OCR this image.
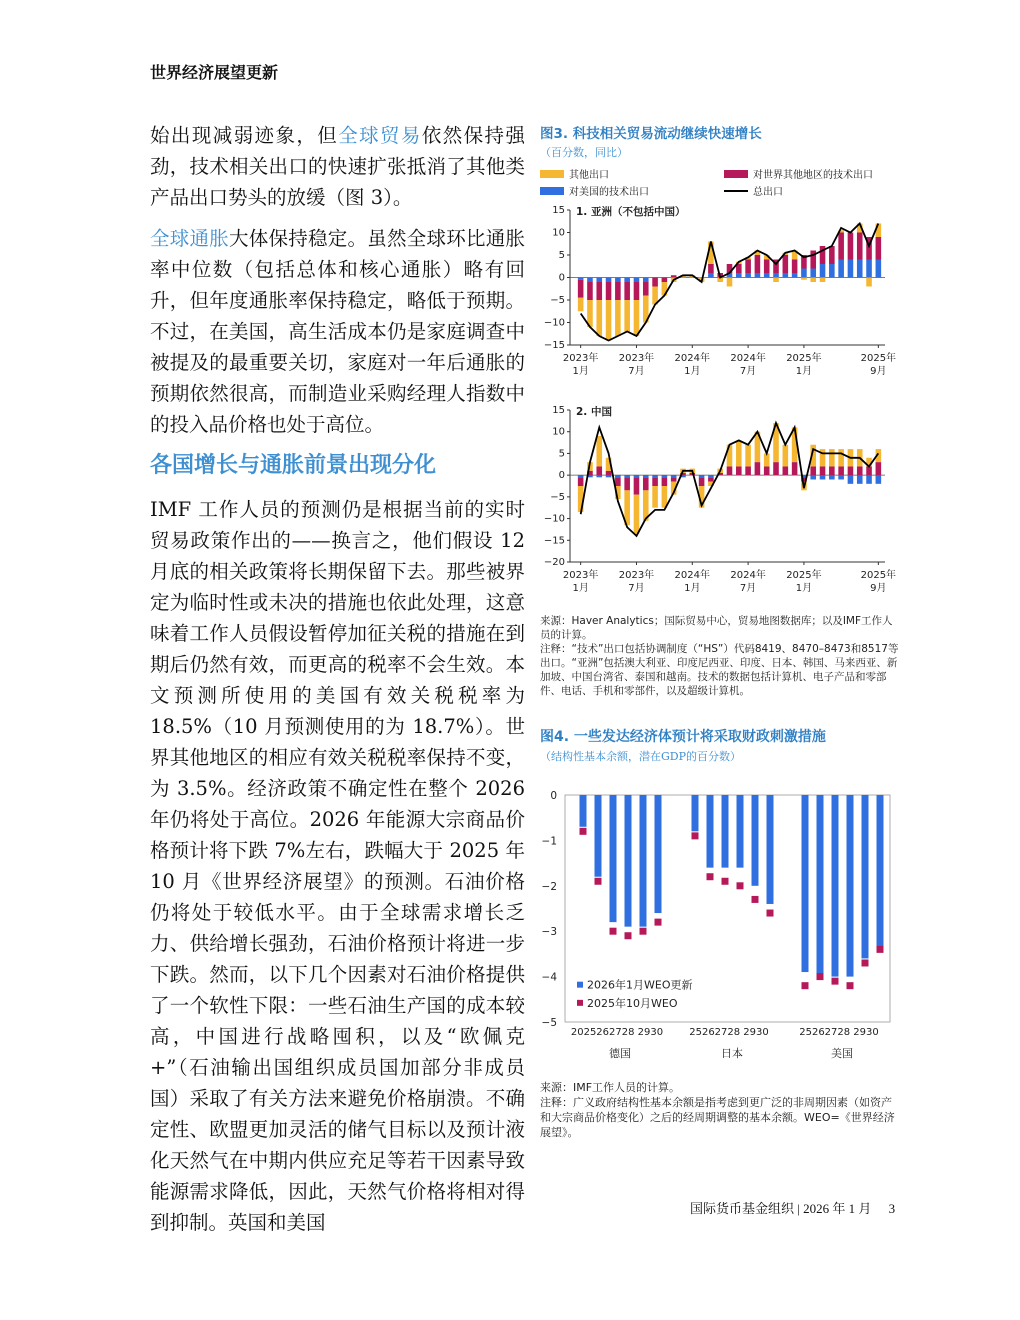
世界经济展望更新

始出现减弱迹象，但全球贸易依然保持强劲，技术相关出口的快速扩张抵消了其他类产品出口势头的放缓（图 3）。

全球通胀大体保持稳定。虽然全球环比通胀率中位数（包括总体和核心通胀）略有回升，但年度通胀率保持稳定，略低于预期。不过，在美国，高生活成本仍是家庭调查中被提及的最重要关切，家庭对一年后通胀的预期依然很高，而制造业采购经理人指数中的投入品价格也处于高位。

各国增长与通胀前景出现分化

IMF 工作人员的预测仍是根据当前的实时贸易政策作出的——换言之，他们假设 12 月底的相关政策将长期保留下去。那些被界定为临时性或未决的措施也依此处理，这意味着工作人员假设暂停加征关税的措施在到期后仍然有效，而更高的税率不会生效。本文预测所使用的美国有效关税税率为 18.5%（10 月预测使用的为 18.7%）。世界其他地区的相应有效关税税率保持不变，为 3.5%。经济政策不确定性在整个 2026 年仍将处于高位。2026 年能源大宗商品价格预计将下跌 7%左右，跌幅大于 2025 年 10 月《世界经济展望》的预测。石油价格仍将处于较低水平。由于全球需求增长乏力、供给增长强劲，石油价格预计将进一步下跌。然而，以下几个因素对石油价格提供了一个软性下限：一些石油生产国的成本较高，中国进行战略囤积，以及“欧佩克+”（石油输出国组织成员国加部分非成员国）采取了有关方法来避免价格崩溃。不确定性、欧盟更加灵活的储气目标以及预计液化天然气在中期内供应充足等若干因素导致能源需求降低，因此，天然气价格将相对得到抑制。英国和美国

图3. 科技相关贸易流动继续快速增长
（百分数，同比）
其他出口	对世界其他地区的技术出口
对美国的技术出口	总出口
15
10
5
0
−5
−10
−15
1. 亚洲（不包括中国）
2023年
1月
2023年
7月
2024年
1月
2024年
7月
2025年
1月
2025年
9月
15
10
5
0
−5
−10
−15
−20
2. 中国
2023年
1月
2023年
7月
2024年
1月
2024年
7月
2025年
1月
2025年
9月
来源：Haver Analytics；国际贸易中心，贸易地图数据库；以及IMF工作人员的计算。
注释：“技术”出口包括协调制度（“HS”）代码8419、8470–8473和8517等出口。“亚洲”包括澳大利亚、印度尼西亚、印度、日本、韩国、马来西亚、新加坡、中国台湾省、泰国和越南。技术的数据包括计算机、电子产品和零部件、电话、手机和零部件，以及超级计算机。
图4. 一些发达经济体预计将采取财政刺激措施
（结构性基本余额，潜在GDP的百分数）
0
−1
−2
−3
−4
−5
2025262728 2930
德国
25262728 2930
日本
25262728 2930
美国
2026年1月WEO更新
2025年10月WEO
来源：IMF工作人员的计算。
注释：广义政府结构性基本余额是指考虑到更广泛的非周期因素（如资产和大宗商品价格变化）之后的经周期调整的基本余额。WEO=《世界经济展望》。
国际货币基金组织 | 2026 年 1 月 3
